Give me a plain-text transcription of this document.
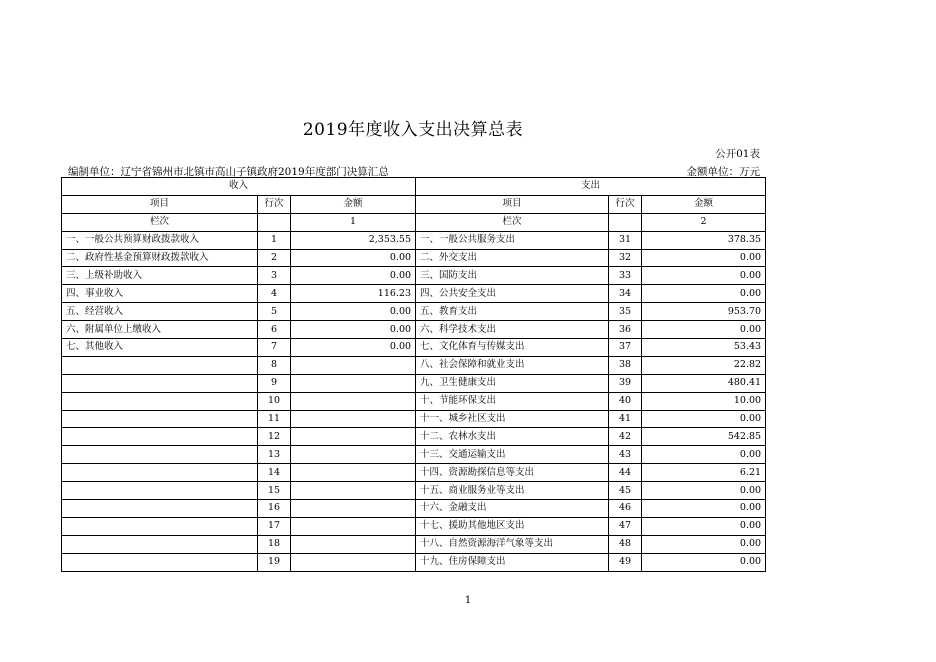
2019年度收入支出决算总表
公开01表
编制单位：辽宁省锦州市北镇市高山子镇政府2019年度部门决算汇总	金额单位：万元
收入			支出		
项目	行次	金额	项目	行次	金额
栏次		1	栏次		2
一、一般公共预算财政拨款收入	1	2,353.55	一、一般公共服务支出	31	378.35
二、政府性基金预算财政拨款收入	2	0.00	二、外交支出	32	0.00
三、上级补助收入	3	0.00	三、国防支出	33	0.00
四、事业收入	4	116.23	四、公共安全支出	34	0.00
五、经营收入	5	0.00	五、教育支出	35	953.70
六、附属单位上缴收入	6	0.00	六、科学技术支出	36	0.00
七、其他收入	7	0.00	七、文化体育与传媒支出	37	53.43
	8		八、社会保障和就业支出	38	22.82
	9		九、卫生健康支出	39	480.41
	10		十、节能环保支出	40	10.00
	11		十一、城乡社区支出	41	0.00
	12		十二、农林水支出	42	542.85
	13		十三、交通运输支出	43	0.00
	14		十四、资源勘探信息等支出	44	6.21
	15		十五、商业服务业等支出	45	0.00
	16		十六、金融支出	46	0.00
	17		十七、援助其他地区支出	47	0.00
	18		十八、自然资源海洋气象等支出	48	0.00
	19		十九、住房保障支出	49	0.00
1
